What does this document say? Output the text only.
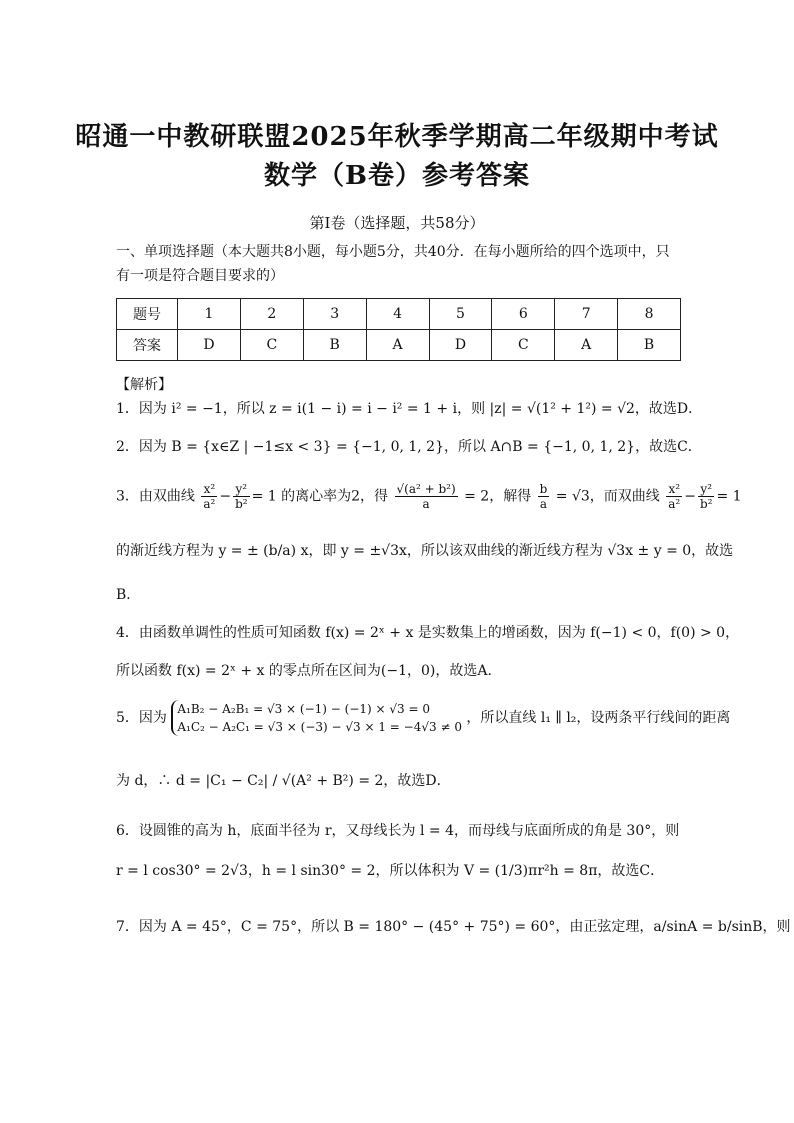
昭通一中教研联盟2025年秋季学期高二年级期中考试
数学（B卷）参考答案
第Ⅰ卷（选择题，共58分）
一、单项选择题（本大题共8小题，每小题5分，共40分．在每小题所给的四个选项中，只
有一项是符合题目要求的）
题号	1	2	3	4	5	6	7	8
答案	D	C	B	A	D	C	A	B
【解析】
1．因为 i² = −1，所以 z = i(1 − i) = i − i² = 1 + i，则 |z| = √(1² + 1²) = √2，故选D．
2．因为 B = {x∈Z | −1≤x < 3} = {−1, 0, 1, 2}，所以 A∩B = {−1, 0, 1, 2}，故选C．
3．由双曲线 $\frac{\text{x²}}{\text{a²}} - \frac{\text{y²}}{\text{b²}} = 1$ 的离心率为2，得 $\frac{\text{√(a² + b²)}}{a} = 2$，解得 $\frac{b}{a} = √3$，而双曲线 $\frac{\text{x²}}{\text{a²}} - \frac{\text{y²}}{\text{b²}} = 1$
的渐近线方程为 y = ± (b/a) x，即 y = ±√3x，所以该双曲线的渐近线方程为 √3x ± y = 0，故选
B．
4．由函数单调性的性质可知函数 f(x) = 2ˣ + x 是实数集上的增函数，因为 f(−1) < 0，f(0) > 0，
所以函数 f(x) = 2ˣ + x 的零点所在区间为(−1，0)，故选A．
5．因为
A₁B₂ − A₂B₁ = √3 × (−1) − (−1) × √3 = 0
A₁C₂ − A₂C₁ = √3 × (−3) − √3 × 1 = −4√3 ≠ 0
，所以直线 l₁ ∥ l₂，设两条平行线间的距离
为 d，∴ d = |C₁ − C₂| / √(A² + B²) = 2，故选D．
6．设圆锥的高为 h，底面半径为 r，又母线长为 l = 4，而母线与底面所成的角是 30°，则
r = l cos30° = 2√3，h = l sin30° = 2，所以体积为 V = (1/3)πr²h = 8π，故选C．
7．因为 A = 45°，C = 75°，所以 B = 180° − (45° + 75°) = 60°，由正弦定理，a/sinA = b/sinB，则
